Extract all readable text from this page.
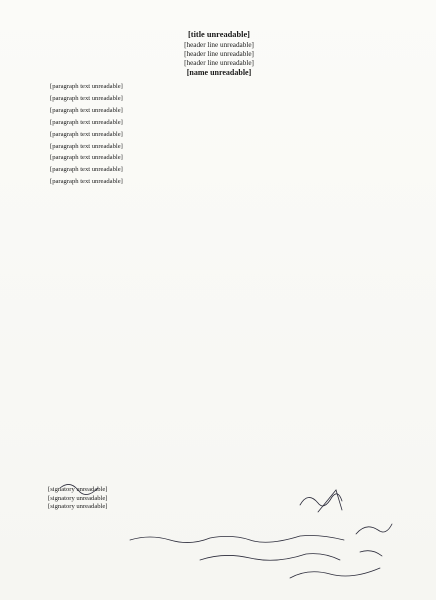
[title unreadable]
[header line unreadable]
[header line unreadable]
[header line unreadable]
[name unreadable]

[paragraph text unreadable]

[paragraph text unreadable]

[paragraph text unreadable]

[paragraph text unreadable]

[paragraph text unreadable]

[paragraph text unreadable]

[paragraph text unreadable]

[paragraph text unreadable]

[paragraph text unreadable]

[signatory unreadable]
[signatory unreadable]
[signatory unreadable]
